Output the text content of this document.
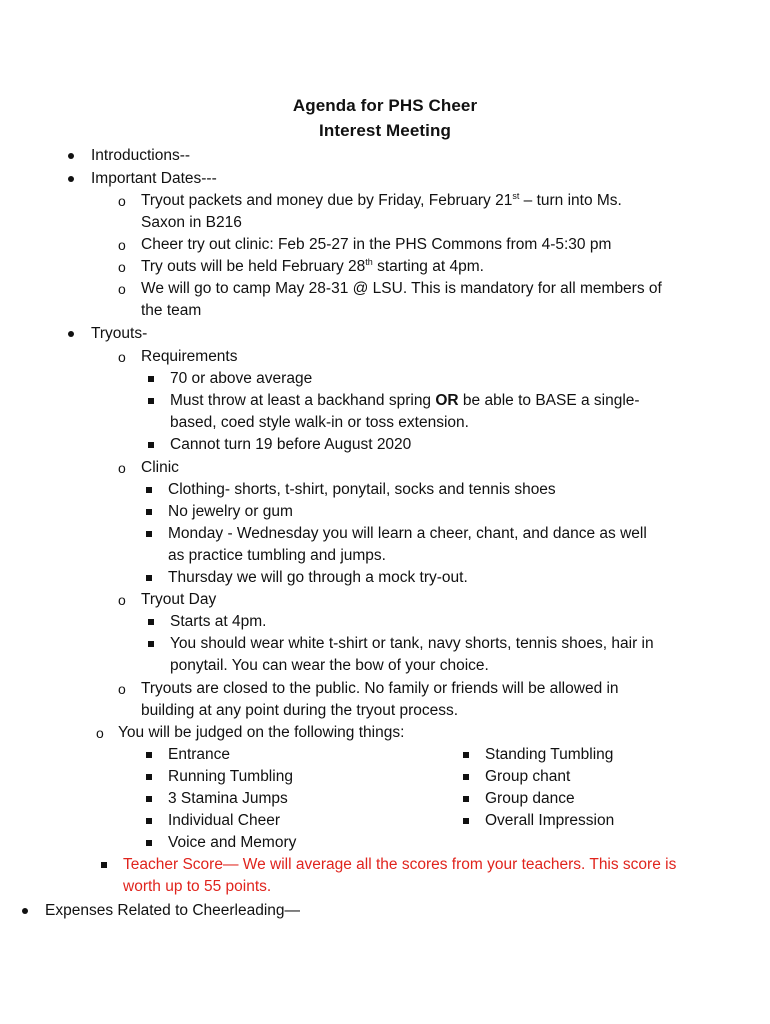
Agenda for PHS Cheer
Interest Meeting
Introductions--
Important Dates---
o
Tryout packets and money due by Friday, February 21st – turn into Ms.
Saxon in B216
o
Cheer try out clinic: Feb 25-27 in the PHS Commons from 4-5:30 pm
o
Try outs will be held February 28th starting at 4pm.
o
We will go to camp May 28-31 @ LSU. This is mandatory for all members of
the team
Tryouts-
o
Requirements
70 or above average
Must throw at least a backhand spring OR be able to BASE a single-
based, coed style walk-in or toss extension.
Cannot turn 19 before August 2020
o
Clinic
Clothing- shorts, t-shirt, ponytail, socks and tennis shoes
No jewelry or gum
Monday - Wednesday you will learn a cheer, chant, and dance as well
as practice tumbling and jumps.
Thursday we will go through a mock try-out.
o
Tryout Day
Starts at 4pm.
You should wear white t-shirt or tank, navy shorts, tennis shoes, hair in
ponytail. You can wear the bow of your choice.
o
Tryouts are closed to the public. No family or friends will be allowed in
building at any point during the tryout process.
o
You will be judged on the following things:
Entrance
Running Tumbling
3 Stamina Jumps
Individual Cheer
Voice and Memory
Standing Tumbling
Group chant
Group dance
Overall Impression
Teacher Score— We will average all the scores from your teachers. This score is
worth up to 55 points.
Expenses Related to Cheerleading—
